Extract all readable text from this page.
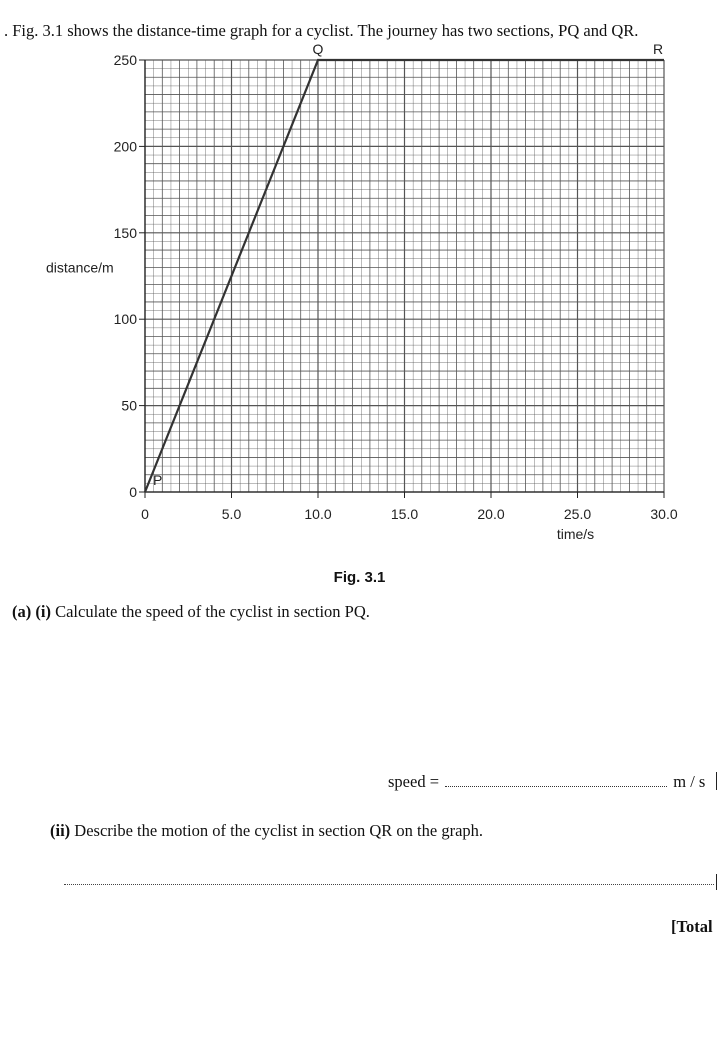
. Fig. 3.1 shows the distance-time graph for a cyclist. The journey has two sections, PQ and QR.
0	5.0	10.0	15.0	20.0	25.0	30.0
0
50
100
150
200
250
time/s
distance/m
P
Q	R
Fig. 3.1
(a) (i) Calculate the speed of the cyclist in section PQ.
speed =	m / s
(ii) Describe the motion of the cyclist in section QR on the graph.
[Total
